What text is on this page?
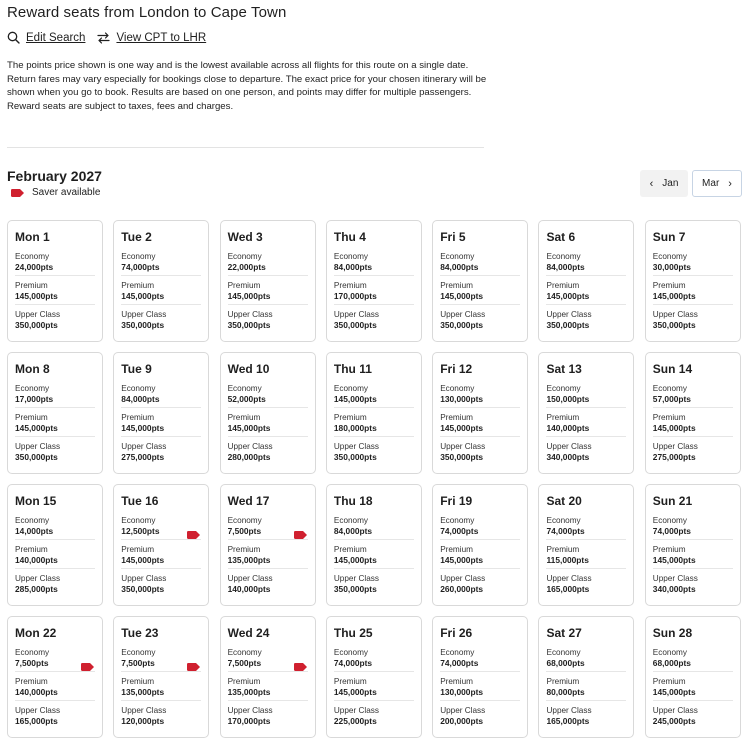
Reward seats from London to Cape Town
Edit Search	View CPT to LHR

The points price shown is one way and is the lowest available across all flights for this route on a single date. Return fares may vary especially for bookings close to departure. The exact price for your chosen itinerary will be shown when you go to book. Results are based on one person, and points may differ for multiple passengers. Reward seats are subject to taxes, fees and charges.

February 2027
Saver available
‹ Jan Mar ›
Mon 1
Economy
24,000pts
Premium
145,000pts
Upper Class
350,000pts
Tue 2
Economy
74,000pts
Premium
145,000pts
Upper Class
350,000pts
Wed 3
Economy
22,000pts
Premium
145,000pts
Upper Class
350,000pts
Thu 4
Economy
84,000pts
Premium
170,000pts
Upper Class
350,000pts
Fri 5
Economy
84,000pts
Premium
145,000pts
Upper Class
350,000pts
Sat 6
Economy
84,000pts
Premium
145,000pts
Upper Class
350,000pts
Sun 7
Economy
30,000pts
Premium
145,000pts
Upper Class
350,000pts
Mon 8
Economy
17,000pts
Premium
145,000pts
Upper Class
350,000pts
Tue 9
Economy
84,000pts
Premium
145,000pts
Upper Class
275,000pts
Wed 10
Economy
52,000pts
Premium
145,000pts
Upper Class
280,000pts
Thu 11
Economy
145,000pts
Premium
180,000pts
Upper Class
350,000pts
Fri 12
Economy
130,000pts
Premium
145,000pts
Upper Class
350,000pts
Sat 13
Economy
150,000pts
Premium
140,000pts
Upper Class
340,000pts
Sun 14
Economy
57,000pts
Premium
145,000pts
Upper Class
275,000pts
Mon 15
Economy
14,000pts
Premium
140,000pts
Upper Class
285,000pts
Tue 16
Economy
12,500pts
Premium
145,000pts
Upper Class
350,000pts
Wed 17
Economy
7,500pts
Premium
135,000pts
Upper Class
140,000pts
Thu 18
Economy
84,000pts
Premium
145,000pts
Upper Class
350,000pts
Fri 19
Economy
74,000pts
Premium
145,000pts
Upper Class
260,000pts
Sat 20
Economy
74,000pts
Premium
115,000pts
Upper Class
165,000pts
Sun 21
Economy
74,000pts
Premium
145,000pts
Upper Class
340,000pts
Mon 22
Economy
7,500pts
Premium
140,000pts
Upper Class
165,000pts
Tue 23
Economy
7,500pts
Premium
135,000pts
Upper Class
120,000pts
Wed 24
Economy
7,500pts
Premium
135,000pts
Upper Class
170,000pts
Thu 25
Economy
74,000pts
Premium
145,000pts
Upper Class
225,000pts
Fri 26
Economy
74,000pts
Premium
130,000pts
Upper Class
200,000pts
Sat 27
Economy
68,000pts
Premium
80,000pts
Upper Class
165,000pts
Sun 28
Economy
68,000pts
Premium
145,000pts
Upper Class
245,000pts
